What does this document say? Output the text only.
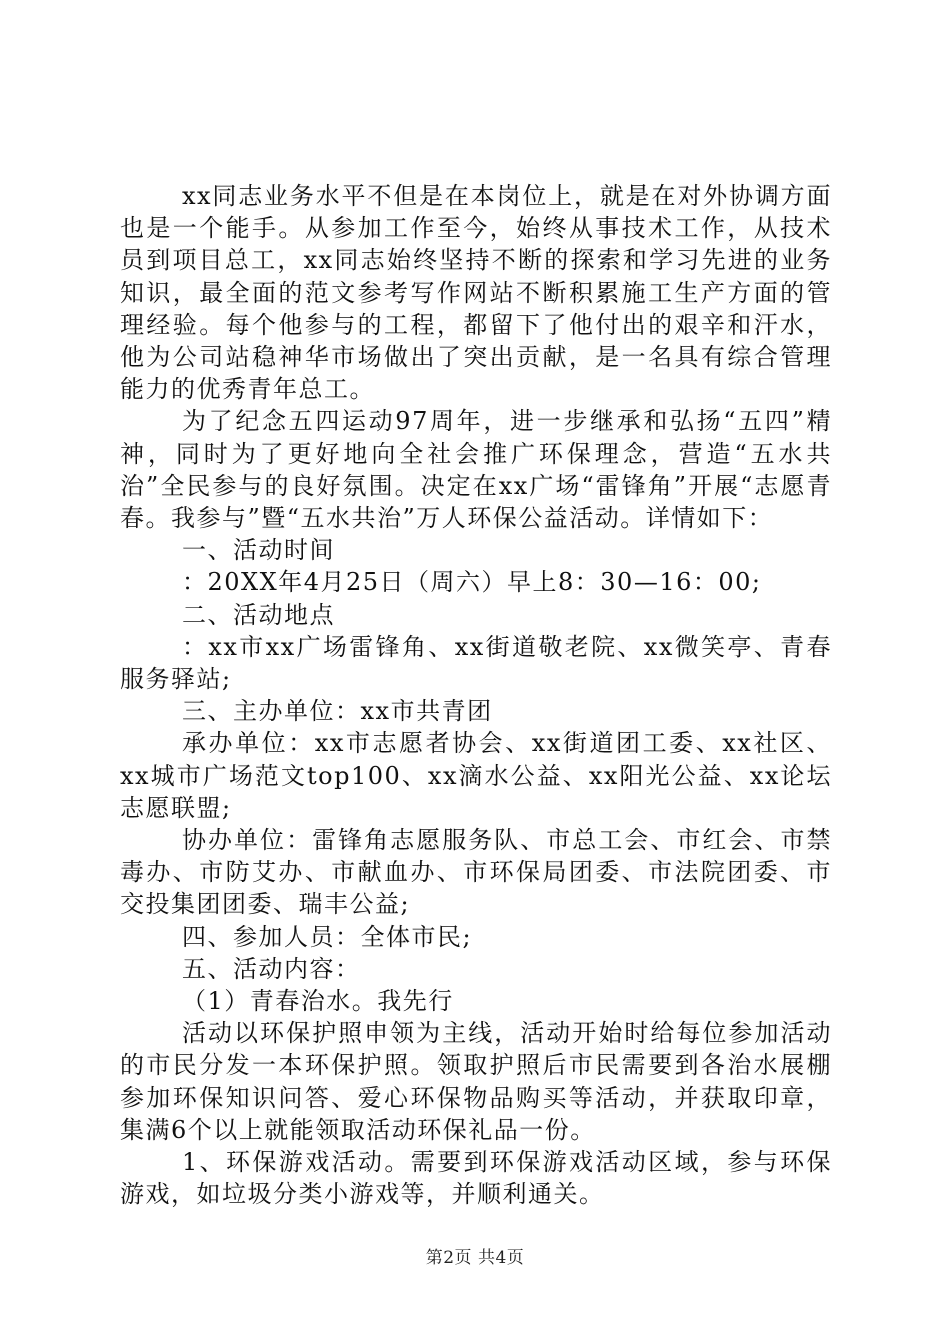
xx同志业务水平不但是在本岗位上，就是在对外协调方面也是一个能手。从参加工作至今，始终从事技术工作，从技术员到项目总工，xx同志始终坚持不断的探索和学习先进的业务知识，最全面的范文参考写作网站不断积累施工生产方面的管理经验。每个他参与的工程，都留下了他付出的艰辛和汗水，他为公司站稳神华市场做出了突出贡献，是一名具有综合管理能力的优秀青年总工。

为了纪念五四运动97周年，进一步继承和弘扬“五四”精神，同时为了更好地向全社会推广环保理念，营造“五水共治”全民参与的良好氛围。决定在xx广场“雷锋角”开展“志愿青春。我参与”暨“五水共治”万人环保公益活动。详情如下：

一、活动时间

：20XX年4月25日（周六）早上8：30—16：00;

二、活动地点

：xx市xx广场雷锋角、xx街道敬老院、xx微笑亭、青春服务驿站;

三、主办单位：xx市共青团

承办单位：xx市志愿者协会、xx街道团工委、xx社区、xx城市广场范文top100、xx滴水公益、xx阳光公益、xx论坛志愿联盟;

协办单位：雷锋角志愿服务队、市总工会、市红会、市禁毒办、市防艾办、市献血办、市环保局团委、市法院团委、市交投集团团委、瑞丰公益;

四、参加人员：全体市民;

五、活动内容：

（1）青春治水。我先行

活动以环保护照申领为主线，活动开始时给每位参加活动的市民分发一本环保护照。领取护照后市民需要到各治水展棚参加环保知识问答、爱心环保物品购买等活动，并获取印章，集满6个以上就能领取活动环保礼品一份。

1、环保游戏活动。需要到环保游戏活动区域，参与环保游戏，如垃圾分类小游戏等，并顺利通关。

第2页 共4页
